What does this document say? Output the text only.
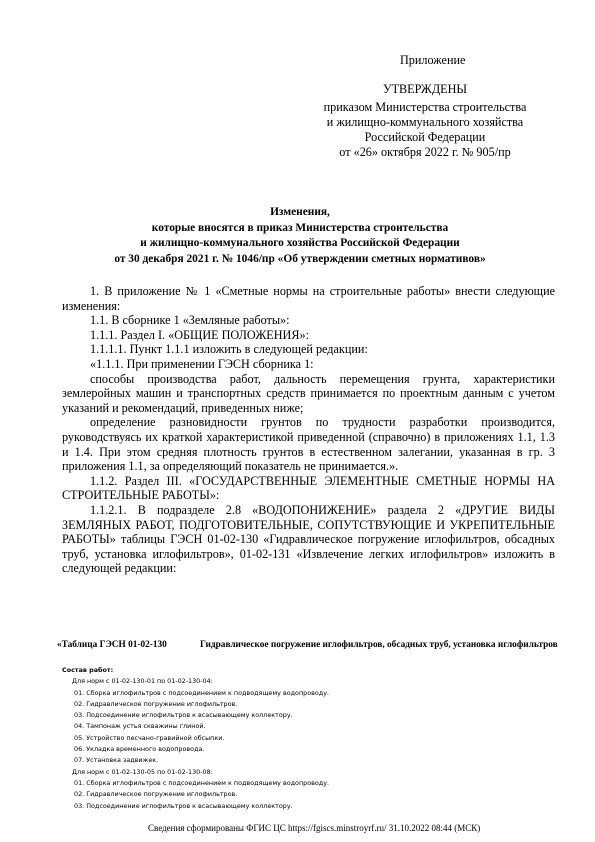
Приложение
УТВЕРЖДЕНЫ
приказом Министерства строительства
и жилищно-коммунального хозяйства
Российской Федерации
от «26» октября 2022 г. № 905/пр
Изменения,
которые вносятся в приказ Министерства строительства
и жилищно-коммунального хозяйства Российской Федерации
от 30 декабря 2021 г. № 1046/пр «Об утверждении сметных нормативов»

1. В приложение № 1 «Сметные нормы на строительные работы» внести следующие изменения:

1.1. В сборнике 1 «Земляные работы»:

1.1.1. Раздел I. «ОБЩИЕ ПОЛОЖЕНИЯ»:

1.1.1.1. Пункт 1.1.1 изложить в следующей редакции:

«1.1.1. При применении ГЭСН сборника 1:

способы производства работ, дальность перемещения грунта, характеристики землеройных машин и транспортных средств принимается по проектным данным с учетом указаний и рекомендаций, приведенных ниже;

определение разновидности грунтов по трудности разработки производится, руководствуясь их краткой характеристикой приведенной (справочно) в приложениях 1.1, 1.3 и 1.4. При этом средняя плотность грунтов в естественном залегании, указанная в гр. 3 приложения 1.1, за определяющий показатель не принимается.».

1.1.2. Раздел III. «ГОСУДАРСТВЕННЫЕ ЭЛЕМЕНТНЫЕ СМЕТНЫЕ НОРМЫ НА СТРОИТЕЛЬНЫЕ РАБОТЫ»:

1.1.2.1. В подразделе 2.8 «ВОДОПОНИЖЕНИЕ» раздела 2 «ДРУГИЕ ВИДЫ ЗЕМЛЯНЫХ РАБОТ, ПОДГОТОВИТЕЛЬНЫЕ, СОПУТСТВУЮЩИЕ И УКРЕПИТЕЛЬНЫЕ РАБОТЫ» таблицы ГЭСН 01-02-130 «Гидравлическое погружение иглофильтров, обсадных труб, установка иглофильтров», 01-02-131 «Извлечение легких иглофильтров» изложить в следующей редакции:

«Таблица ГЭСН 01-02-130	Гидравлическое погружение иглофильтров, обсадных труб, установка иглофильтров
Состав работ:
Для норм с 01-02-130-01 по 01-02-130-04:
01. Сборка иглофильтров с подсоединением к подводящему водопроводу.
02. Гидравлическое погружение иглофильтров.
03. Подсоединение иглофильтров к всасывающему коллектору.
04. Тампонаж устья скважины глиной.
05. Устройство песчано-гравийной обсыпки.
06. Укладка временного водопровода.
07. Установка задвижек.
Для норм с 01-02-130-05 по 01-02-130-08:
01. Сборка иглофильтров с подсоединением к подводящему водопроводу.
02. Гидравлическое погружение иглофильтров.
03. Подсоединение иглофильтров к всасывающему коллектору.
Сведения сформированы ФГИС ЦС https://fgiscs.minstroyrf.ru/ 31.10.2022 08:44 (МСК)
